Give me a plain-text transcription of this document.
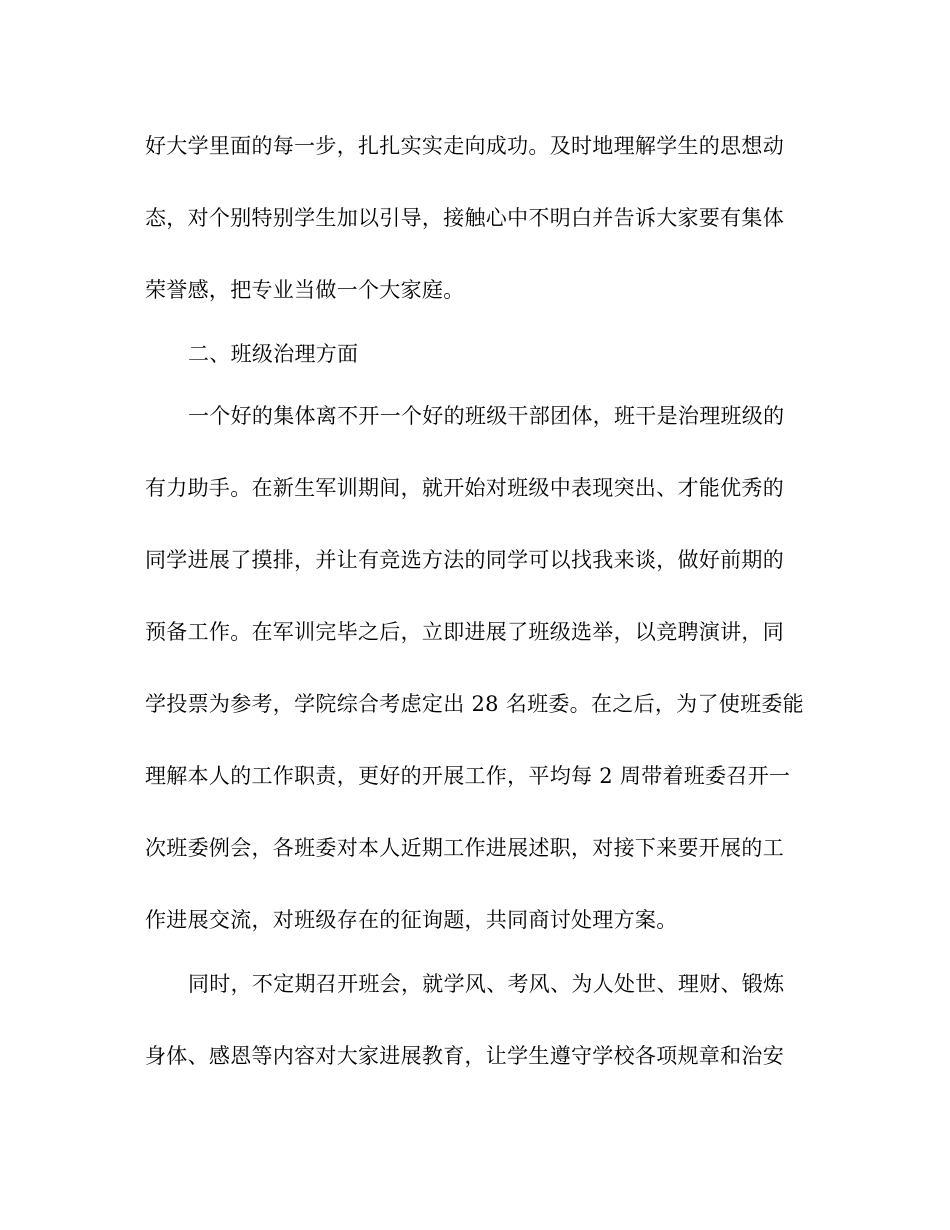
好大学里面的每一步，扎扎实实走向成功。及时地理解学生的思想动
态，对个别特别学生加以引导，接触心中不明白并告诉大家要有集体
荣誉感，把专业当做一个大家庭。
二、班级治理方面
一个好的集体离不开一个好的班级干部团体，班干是治理班级的
有力助手。在新生军训期间，就开始对班级中表现突出、才能优秀的
同学进展了摸排，并让有竞选方法的同学可以找我来谈，做好前期的
预备工作。在军训完毕之后，立即进展了班级选举，以竞聘演讲，同
学投票为参考，学院综合考虑定出 28 名班委。在之后，为了使班委能
理解本人的工作职责，更好的开展工作，平均每 2 周带着班委召开一
次班委例会，各班委对本人近期工作进展述职，对接下来要开展的工
作进展交流，对班级存在的征询题，共同商讨处理方案。
同时，不定期召开班会，就学风、考风、为人处世、理财、锻炼
身体、感恩等内容对大家进展教育，让学生遵守学校各项规章和治安
